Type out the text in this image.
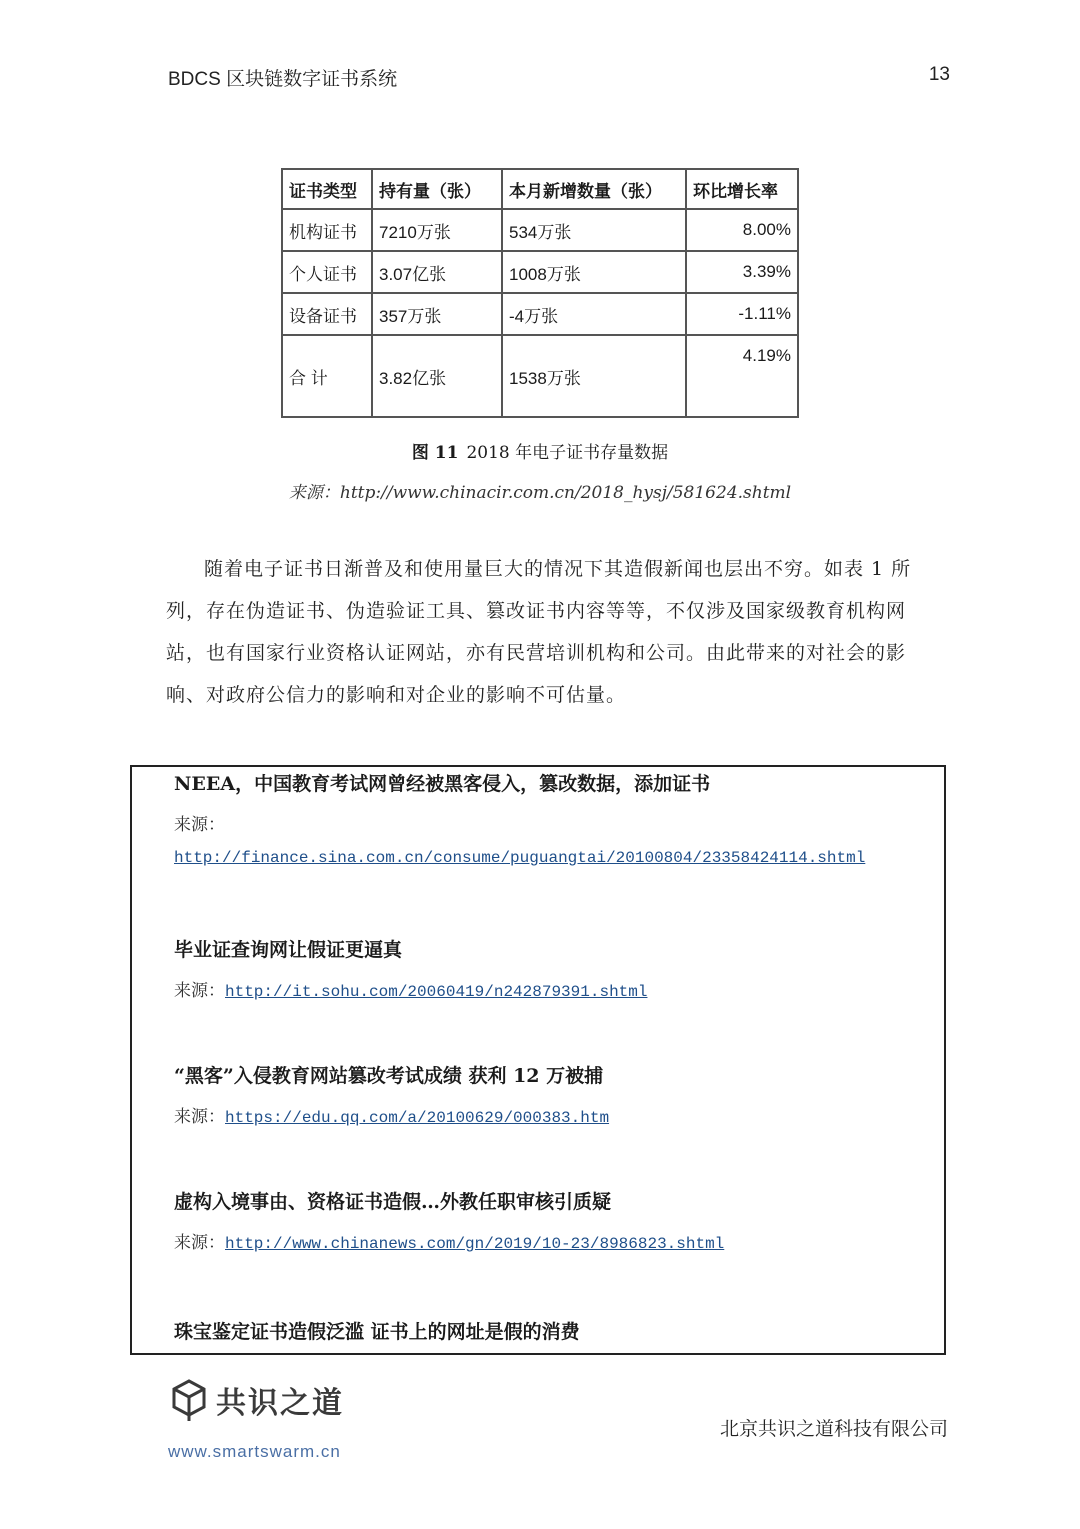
BDCS 区块链数字证书系统	13
证书类型	持有量（张）	本月新增数量（张）	环比增长率
机构证书	7210万张	534万张	8.00%
个人证书	3.07亿张	1008万张	3.39%
设备证书	357万张	-4万张	-1.11%
合 计	3.82亿张	1538万张	4.19%
图 11 2018 年电子证书存量数据
来源：http://www.chinacir.com.cn/2018_hysj/581624.shtml

随着电子证书日渐普及和使用量巨大的情况下其造假新闻也层出不穷。如表 1 所列，存在伪造证书、伪造验证工具、篡改证书内容等等，不仅涉及国家级教育机构网站，也有国家行业资格认证网站，亦有民营培训机构和公司。由此带来的对社会的影响、对政府公信力的影响和对企业的影响不可估量。

NEEA，中国教育考试网曾经被黑客侵入，篡改数据，添加证书

来源：
http://finance.sina.com.cn/consume/puguangtai/20100804/23358424114.shtml

毕业证查询网让假证更逼真

来源：http://it.sohu.com/20060419/n242879391.shtml

“黑客”入侵教育网站篡改考试成绩 获利 12 万被捕

来源：https://edu.qq.com/a/20100629/000383.htm

虚构入境事由、资格证书造假…外教任职审核引质疑

来源：http://www.chinanews.com/gn/2019/10-23/8986823.shtml

珠宝鉴定证书造假泛滥 证书上的网址是假的消费

共识之道
www.smartswarm.cn
北京共识之道科技有限公司
